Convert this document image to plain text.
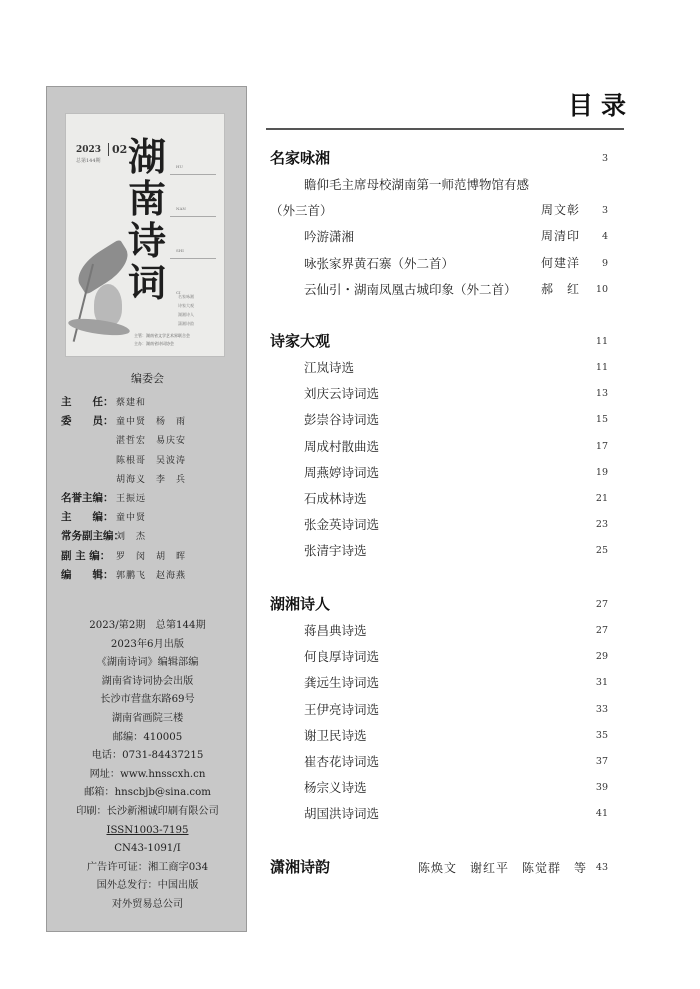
2023 02
总第144期 湖
南
诗
词
HU
NAN
SHI
CI
名家咏湘
诗家大观
湖湘诗人
潇湘诗韵
主管：湖南省文学艺术界联合会
主办：湖南省诗词协会
编委会
主　　任： 蔡建和
委　　员： 童中贤　杨　雨
湛哲宏　易庆安
陈根哥　吴波涛
胡海义　李　兵
名誉主编： 王振远
主　　编： 童中贤
常务副主编：
刘　杰
副 主 编： 罗　闵　胡　晖
编　　辑： 郭鹏飞　赵海燕
2023/第2期　总第144期
2023年6月出版
《湖南诗词》编辑部编
湖南省诗词协会出版
长沙市营盘东路69号
湖南省画院三楼
邮编：410005
电话：0731-84437215
网址：www.hnsscxh.cn
邮箱：hnscbjb@sina.com
印刷：长沙新湘诚印刷有限公司
ISSN1003-7195
CN43-1091/I
广告许可证：湘工商字034
国外总发行：中国出版
对外贸易总公司
目录
名家咏湘	3
瞻仰毛主席母校湖南第一师范博物馆有感
（外三首）	周文彰 3
吟游潇湘	周清印 4
咏张家界黄石寨（外二首）	何建洋 9
云仙引・湖南凤凰古城印象（外二首） 郝　红 10
诗家大观	11
江岚诗选	11
刘庆云诗词选	13
彭崇谷诗词选	15
周成村散曲选	17
周燕婷诗词选	19
石成林诗选	21
张金英诗词选	23
张清宇诗选	25
湖湘诗人	27
蒋昌典诗选	27
何良厚诗词选	29
龚远生诗词选	31
王伊亮诗词选	33
谢卫民诗选	35
崔杏花诗词选	37
杨宗义诗选	39
胡国洪诗词选	41
潇湘诗韵	陈焕文　谢红平　陈觉群　等 43
